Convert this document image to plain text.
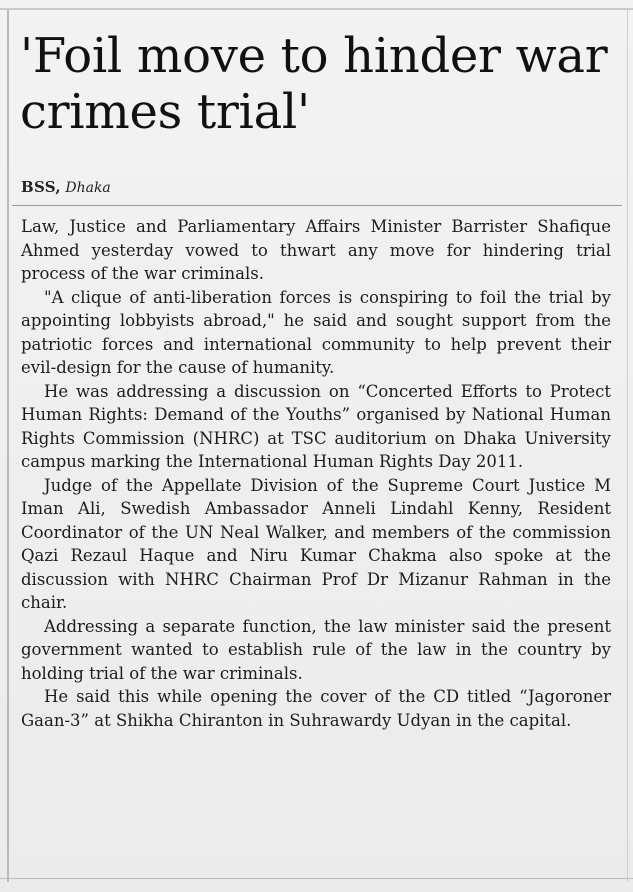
'Foil move to hinder war crimes trial'
BSS, Dhaka

Law, Justice and Parliamentary Affairs Minister Barrister Shafique Ahmed yesterday vowed to thwart any move for hindering trial process of the war criminals.

"A clique of anti-liberation forces is conspiring to foil the trial by appointing lobbyists abroad," he said and sought support from the patriotic forces and international community to help prevent their evil-design for the cause of humanity.

He was addressing a discussion on “Concerted Efforts to Protect Human Rights: Demand of the Youths” organised by National Human Rights Commission (NHRC) at TSC auditorium on Dhaka University campus marking the International Human Rights Day 2011.

Judge of the Appellate Division of the Supreme Court Justice M Iman Ali, Swedish Ambassador Anneli Lindahl Kenny, Resident Coordinator of the UN Neal Walker, and members of the commission Qazi Rezaul Haque and Niru Kumar Chakma also spoke at the discussion with NHRC Chairman Prof Dr Mizanur Rahman in the chair.

Addressing a separate function, the law minister said the present government wanted to establish rule of the law in the country by holding trial of the war criminals.

He said this while opening the cover of the CD titled “Jagoroner Gaan-3” at Shikha Chiranton in Suhrawardy Udyan in the capital.
